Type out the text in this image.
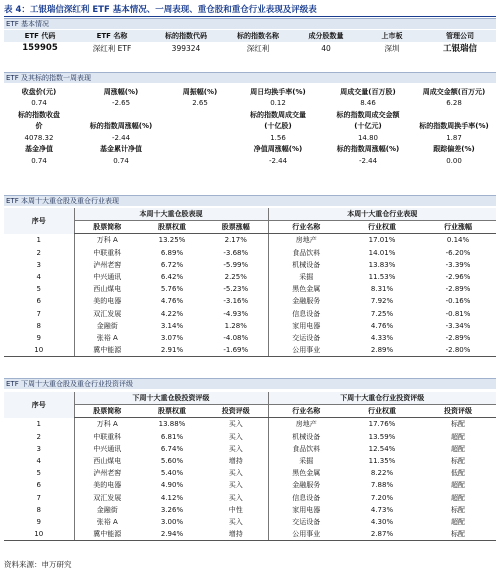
表 4：工银瑞信深红利 ETF 基本情况、一周表现、重仓股和重仓行业表现及评级表
ETF 基本情况
ETF 代码	ETF 名称	标的指数代码	标的指数名称	成分股数量	上市板	管理公司
159905	深红利 ETF	399324	深红利	40	深圳	工银瑞信
ETF 及其标的指数一周表现
收盘价(元)	周涨幅(%)	周振幅(%)	周日均换手率(%)	周成交量(百万股)	周成交金额(百万元)
0.74	-2.65	2.65	0.12	8.46	6.28
标的指数收盘			标的指数周成交量	标的指数周成交金额	
价	标的指数周涨幅(%)		(十亿股)	(十亿元)	标的指数周换手率(%)
4078.32	-2.44		1.56	14.80	1.87
基金净值	基金累计净值		净值周涨幅(%)	标的指数周涨幅(%)	跟踪偏差(%)
0.74	0.74		-2.44	-2.44	0.00
ETF 本周十大重仓股及重仓行业表现
序号	本周十大重仓股表现			本周十大重仓行业表现		
	股票简称	股票权重	股票涨幅	行业名称	行业权重	行业涨幅
1	万科 A	13.25%	2.17%	房地产	17.01%	0.14%
2	中联重科	6.89%	-3.68%	食品饮料	14.01%	-6.20%
3	泸州老窖	6.72%	-5.99%	机械设备	13.83%	-3.39%
4	中兴通讯	6.42%	2.25%	采掘	11.53%	-2.96%
5	西山煤电	5.76%	-5.23%	黑色金属	8.31%	-2.89%
6	美的电器	4.76%	-3.16%	金融服务	7.92%	-0.16%
7	双汇发展	4.22%	-4.93%	信息设备	7.25%	-0.81%
8	金融街	3.14%	1.28%	家用电器	4.76%	-3.34%
9	张裕 A	3.07%	-4.08%	交运设备	4.33%	-2.89%
10	冀中能源	2.91%	-1.69%	公用事业	2.89%	-2.80%
ETF 下周十大重仓股及重仓行业投资评级
序号	下周十大重仓股投资评级			下周十大重仓行业投资评级		
	股票简称	股票权重	投资评级	行业名称	行业权重	投资评级
1	万科 A	13.88%	买入	房地产	17.76%	标配
2	中联重科	6.81%	买入	机械设备	13.59%	超配
3	中兴通讯	6.74%	买入	食品饮料	12.54%	超配
4	西山煤电	5.60%	增持	采掘	11.35%	标配
5	泸州老窖	5.40%	买入	黑色金属	8.22%	低配
6	美的电器	4.90%	买入	金融服务	7.88%	超配
7	双汇发展	4.12%	买入	信息设备	7.20%	超配
8	金融街	3.26%	中性	家用电器	4.73%	标配
9	张裕 A	3.00%	买入	交运设备	4.30%	超配
10	冀中能源	2.94%	增持	公用事业	2.87%	标配
资料来源：申万研究
